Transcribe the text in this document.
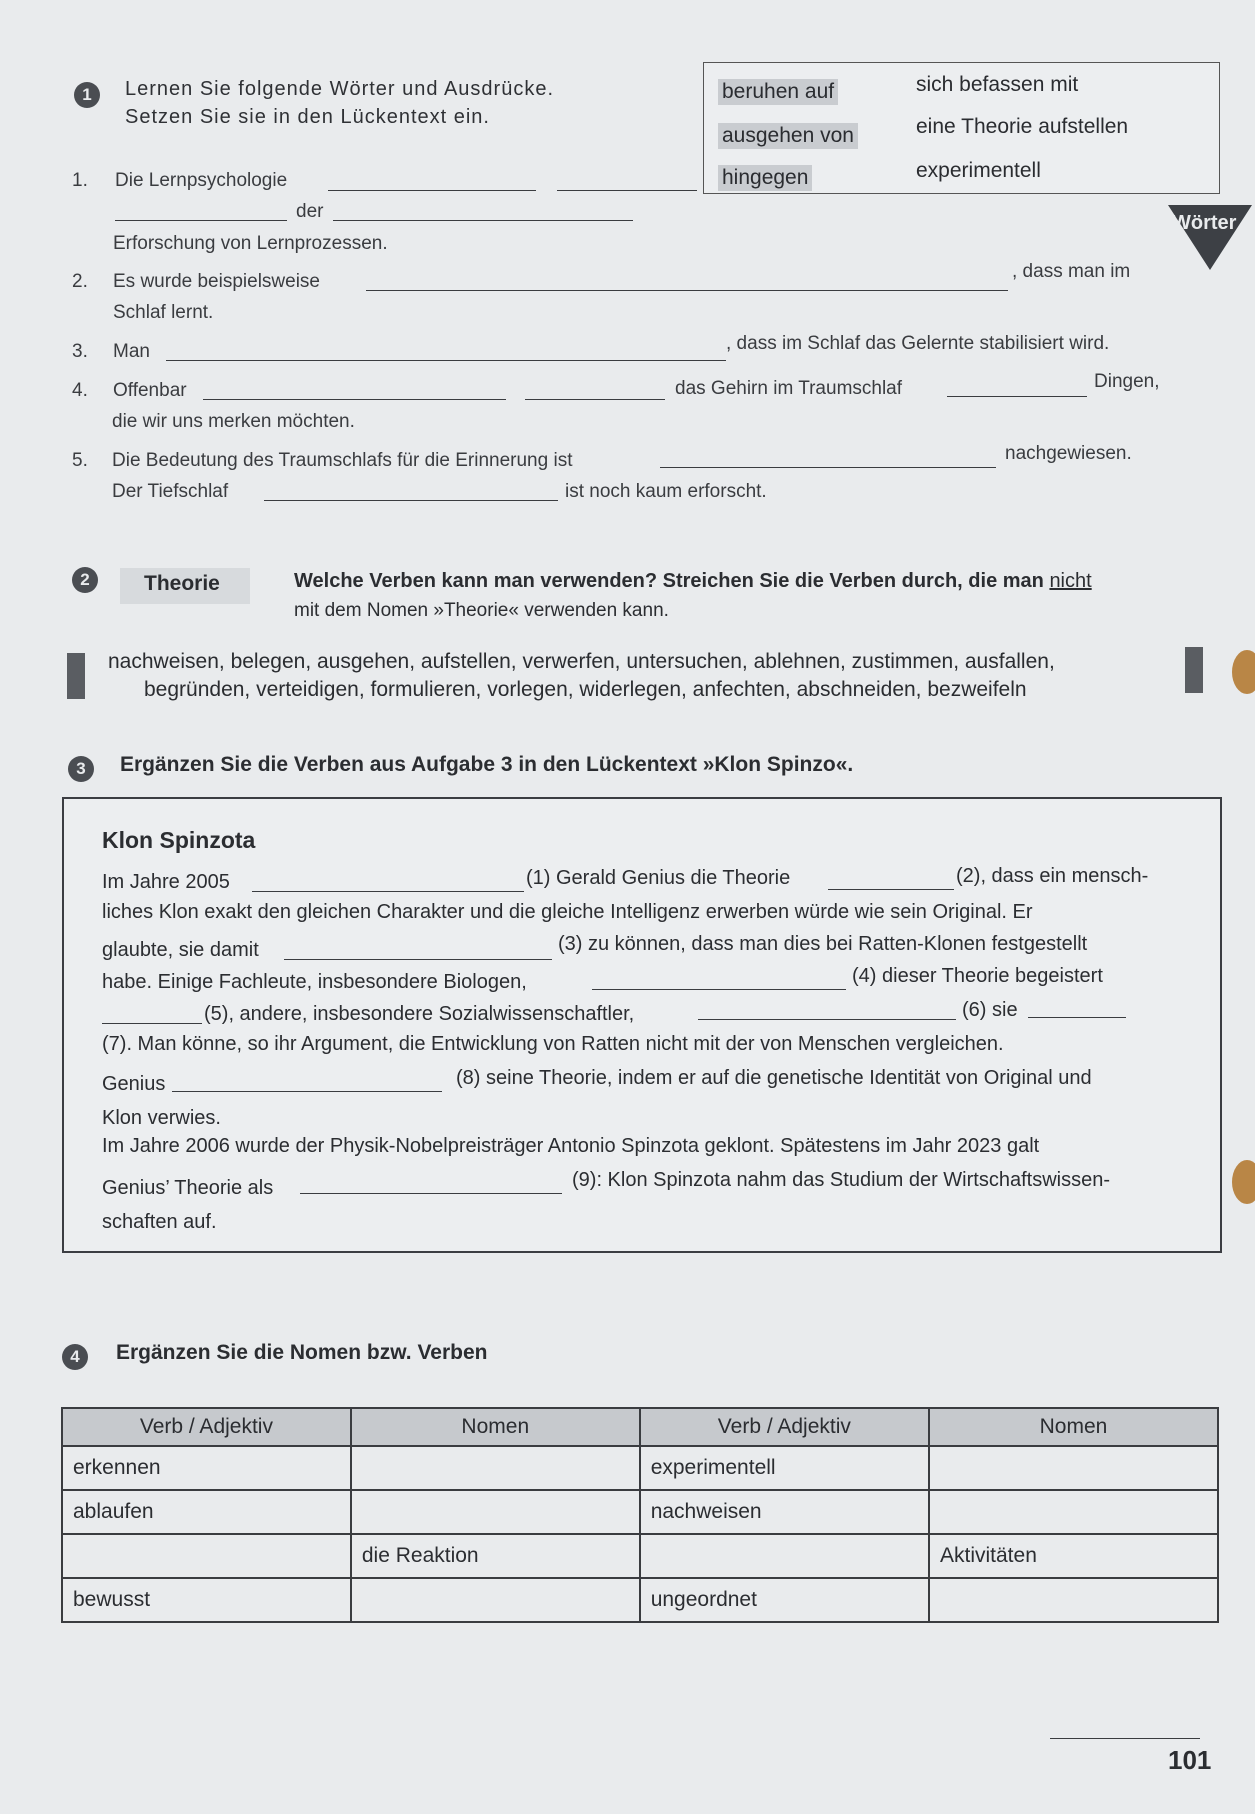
1	Lernen Sie folgende Wörter und Ausdrücke.
Setzen Sie sie in den Lückentext ein.
beruhen auf	sich befassen mit
ausgehen von	eine Theorie aufstellen
hingegen	experimentell
Wörter
1. Die Lernpsychologie
der
Erforschung von Lernprozessen.
2. Es wurde beispielsweise	, dass man im
Schlaf lernt.
3. Man	, dass im Schlaf das Gelernte stabilisiert wird.
4. Offenbar	das Gehirn im Traumschlaf	Dingen,
die wir uns merken möchten.
5. Die Bedeutung des Traumschlafs für die Erinnerung ist	nachgewiesen.
Der Tiefschlaf	ist noch kaum erforscht.
2	Theorie	Welche Verben kann man verwenden? Streichen Sie die Verben durch, die man nicht
mit dem Nomen »Theorie« verwenden kann.
nachweisen, belegen, ausgehen, aufstellen, verwerfen, untersuchen, ablehnen, zustimmen, ausfallen,
begründen, verteidigen, formulieren, vorlegen, widerlegen, anfechten, abschneiden, bezweifeln
3	Ergänzen Sie die Verben aus Aufgabe 3 in den Lückentext »Klon Spinzo«.
Klon Spinzota
Im Jahre 2005	(1) Gerald Genius die Theorie	(2), dass ein mensch-
liches Klon exakt den gleichen Charakter und die gleiche Intelligenz erwerben würde wie sein Original. Er
glaubte, sie damit	(3) zu können, dass man dies bei Ratten-Klonen festgestellt
habe. Einige Fachleute, insbesondere Biologen,	(4) dieser Theorie begeistert
(5), andere, insbesondere Sozialwissenschaftler,	(6) sie
(7). Man könne, so ihr Argument, die Entwicklung von Ratten nicht mit der von Menschen vergleichen.
Genius	(8) seine Theorie, indem er auf die genetische Identität von Original und
Klon verwies.
Im Jahre 2006 wurde der Physik-Nobelpreisträger Antonio Spinzota geklont. Spätestens im Jahr 2023 galt
Genius’ Theorie als	(9): Klon Spinzota nahm das Studium der Wirtschaftswissen-
schaften auf.
4	Ergänzen Sie die Nomen bzw. Verben
Verb / Adjektiv	Nomen	Verb / Adjektiv	Nomen
erkennen		experimentell	
ablaufen		nachweisen	
	die Reaktion		Aktivitäten
bewusst		ungeordnet	
101
